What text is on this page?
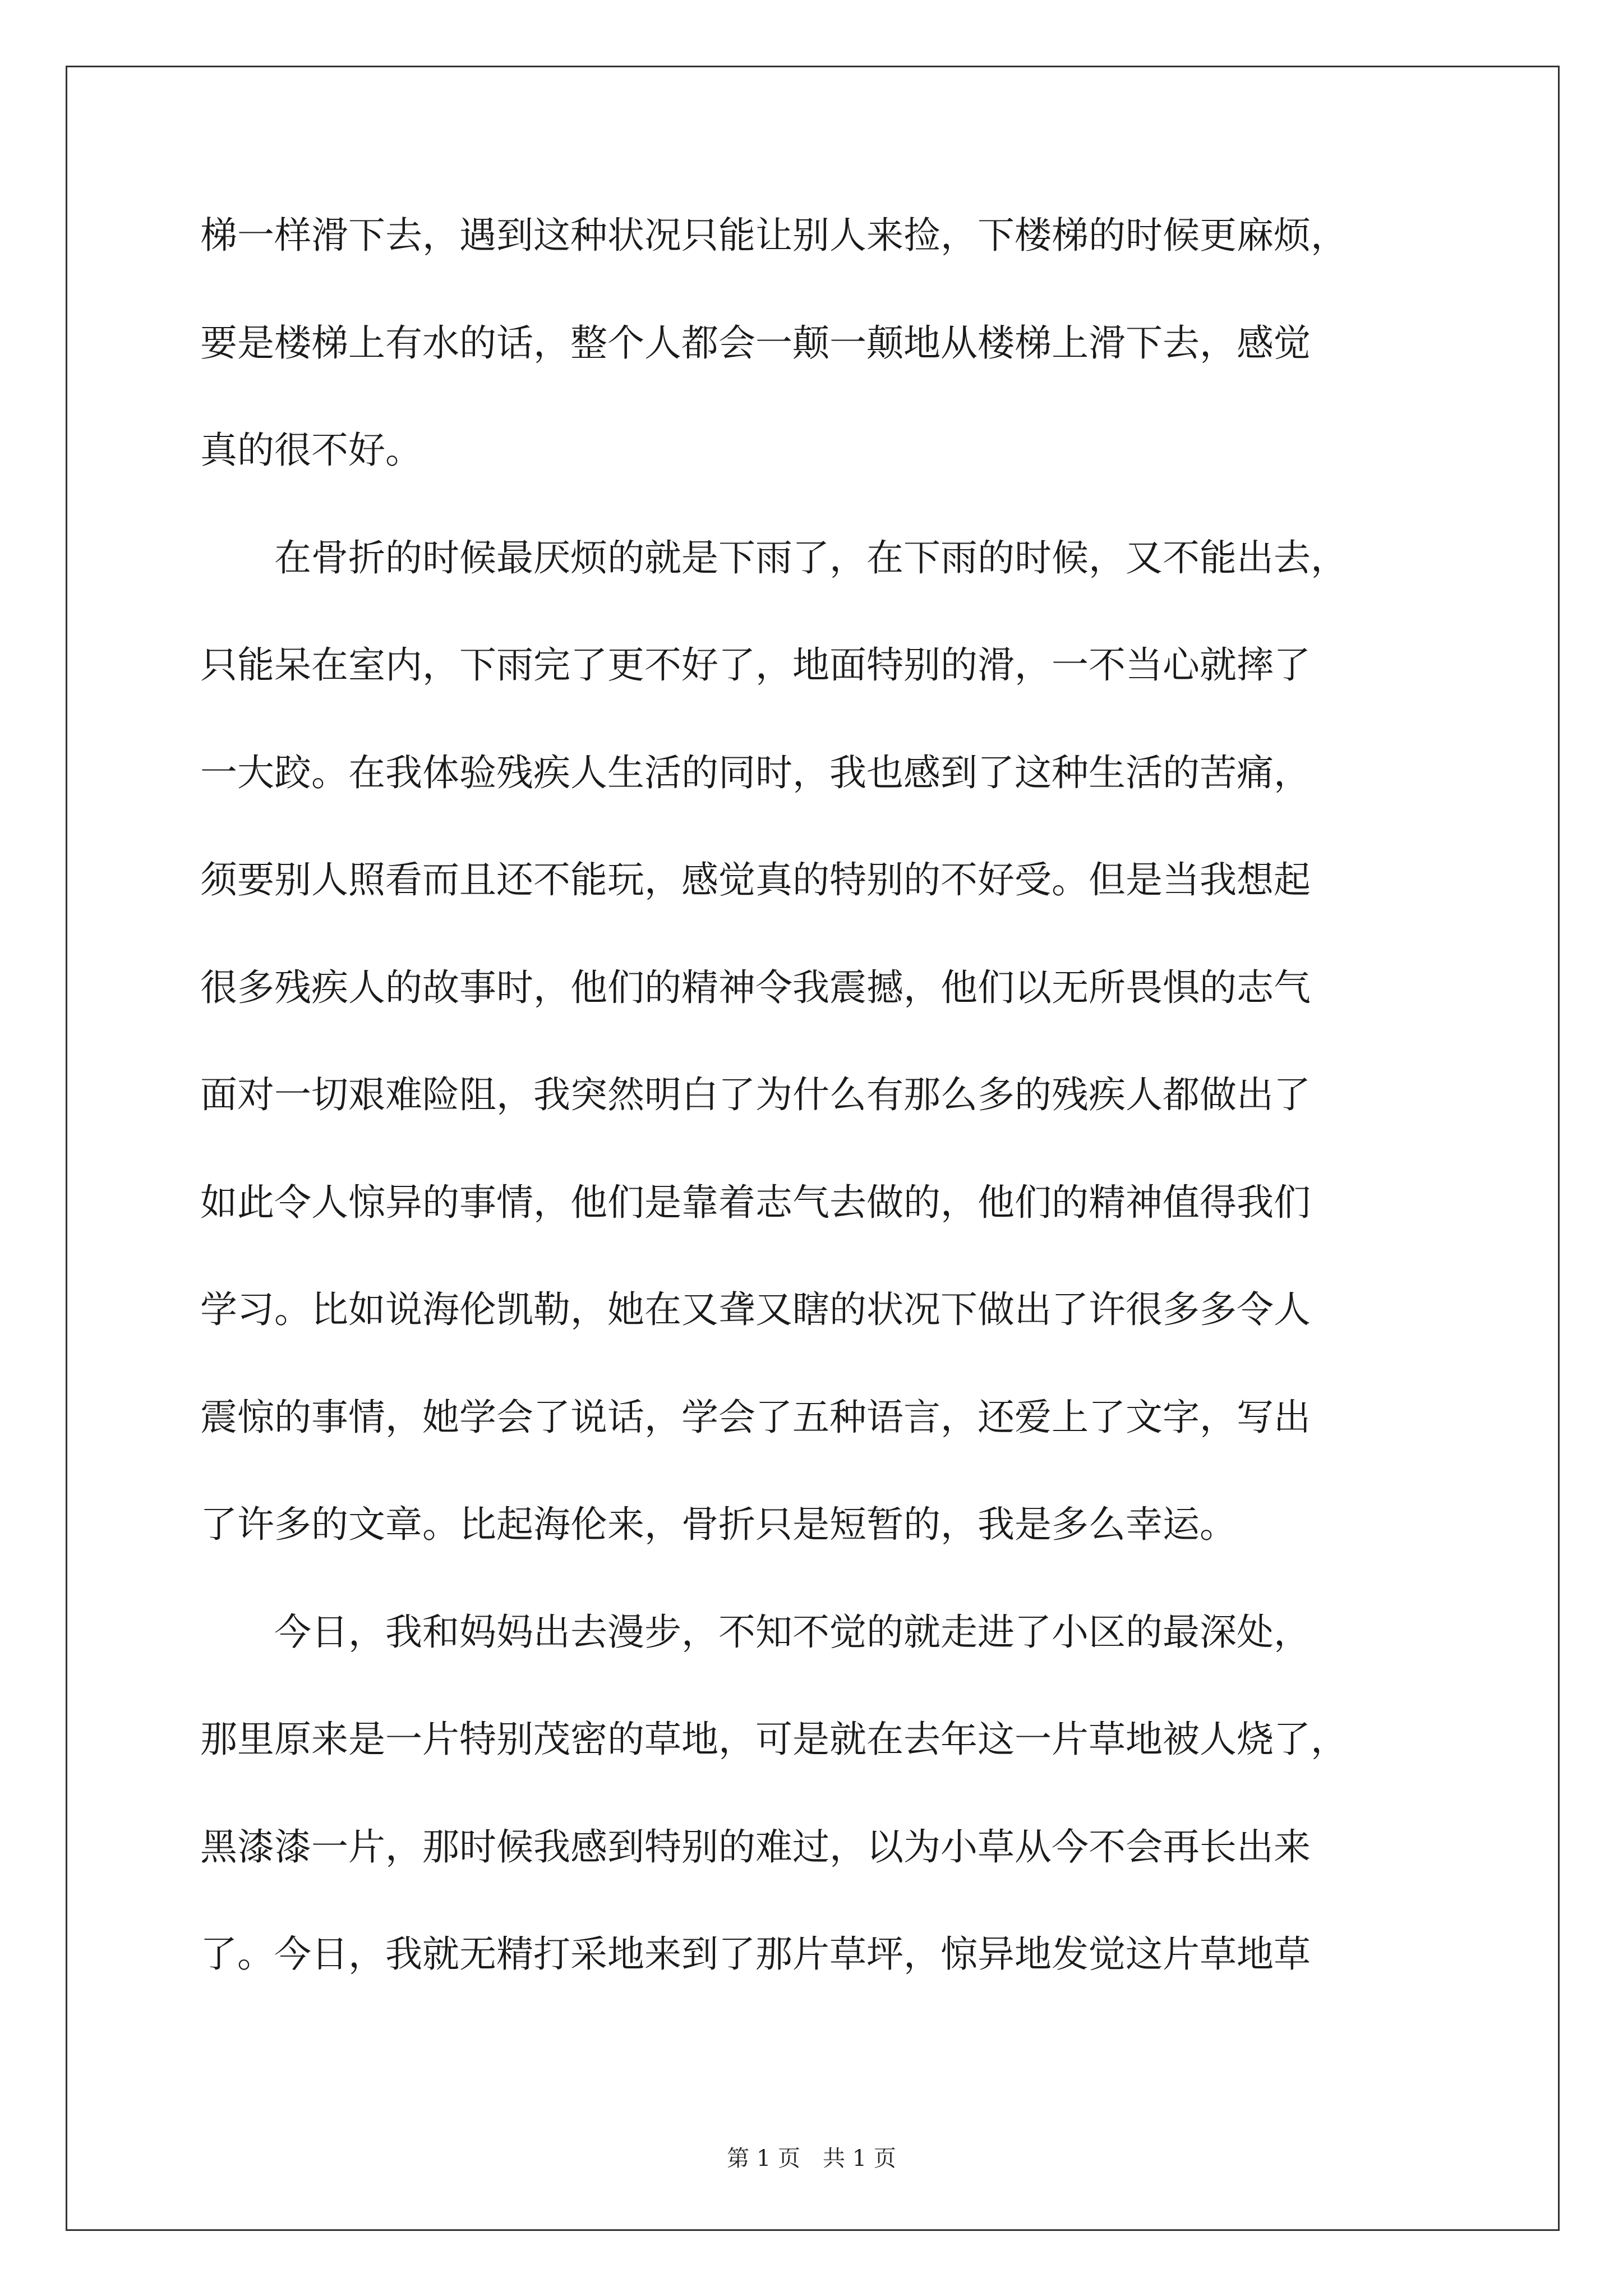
梯一样滑下去，遇到这种状况只能让别人来捡，下楼梯的时候更麻烦，
要是楼梯上有水的话，整个人都会一颠一颠地从楼梯上滑下去，感觉
真的很不好。
　　在骨折的时候最厌烦的就是下雨了，在下雨的时候，又不能出去，
只能呆在室内，下雨完了更不好了，地面特别的滑，一不当心就摔了
一大跤。在我体验残疾人生活的同时，我也感到了这种生活的苦痛，
须要别人照看而且还不能玩，感觉真的特别的不好受。但是当我想起
很多残疾人的故事时，他们的精神令我震撼，他们以无所畏惧的志气
面对一切艰难险阻，我突然明白了为什么有那么多的残疾人都做出了
如此令人惊异的事情，他们是靠着志气去做的，他们的精神值得我们
学习。比如说海伦凯勒，她在又聋又瞎的状况下做出了许很多多令人
震惊的事情，她学会了说话，学会了五种语言，还爱上了文字，写出
了许多的文章。比起海伦来，骨折只是短暂的，我是多么幸运。
　　今日，我和妈妈出去漫步，不知不觉的就走进了小区的最深处，
那里原来是一片特别茂密的草地，可是就在去年这一片草地被人烧了，
黑漆漆一片，那时候我感到特别的难过，以为小草从今不会再长出来
了。今日，我就无精打采地来到了那片草坪，惊异地发觉这片草地草
第 1 页　共 1 页
